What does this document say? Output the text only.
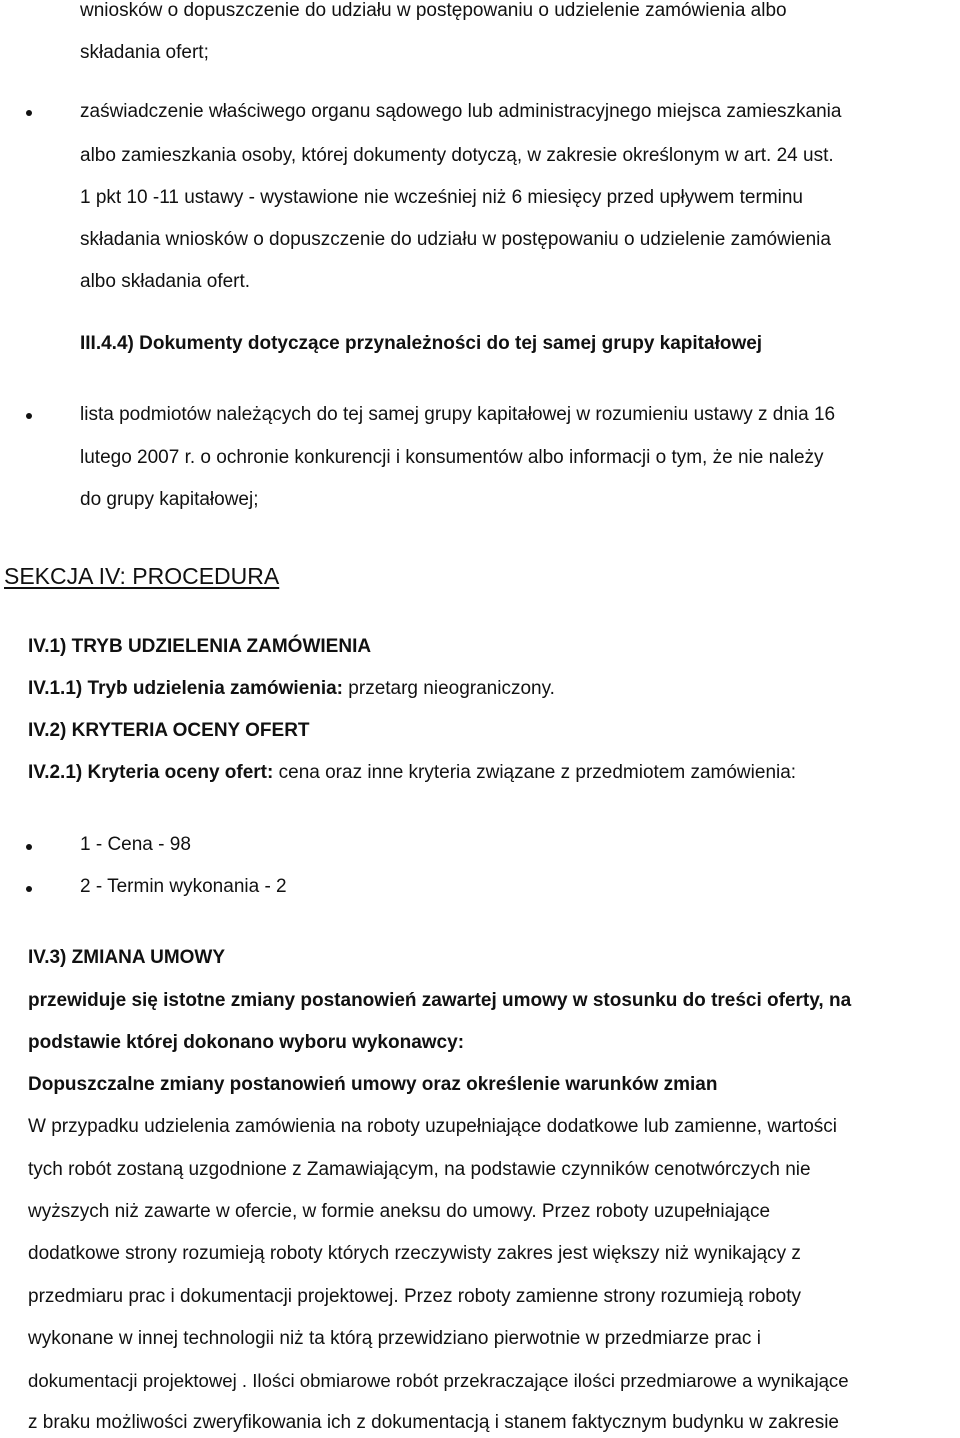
wniosków o dopuszczenie do udziału w postępowaniu o udzielenie zamówienia albo
składania ofert;
zaświadczenie właściwego organu sądowego lub administracyjnego miejsca zamieszkania
albo zamieszkania osoby, której dokumenty dotyczą, w zakresie określonym w art. 24 ust.
1 pkt 10 -11 ustawy - wystawione nie wcześniej niż 6 miesięcy przed upływem terminu
składania wniosków o dopuszczenie do udziału w postępowaniu o udzielenie zamówienia
albo składania ofert.
III.4.4) Dokumenty dotyczące przynależności do tej samej grupy kapitałowej
lista podmiotów należących do tej samej grupy kapitałowej w rozumieniu ustawy z dnia 16
lutego 2007 r. o ochronie konkurencji i konsumentów albo informacji o tym, że nie należy
do grupy kapitałowej;
SEKCJA IV: PROCEDURA
IV.1) TRYB UDZIELENIA ZAMÓWIENIA
IV.1.1) Tryb udzielenia zamówienia: przetarg nieograniczony.
IV.2) KRYTERIA OCENY OFERT
IV.2.1) Kryteria oceny ofert: cena oraz inne kryteria związane z przedmiotem zamówienia:
1 - Cena - 98
2 - Termin wykonania - 2
IV.3) ZMIANA UMOWY
przewiduje się istotne zmiany postanowień zawartej umowy w stosunku do treści oferty, na
podstawie której dokonano wyboru wykonawcy:
Dopuszczalne zmiany postanowień umowy oraz określenie warunków zmian
W przypadku udzielenia zamówienia na roboty uzupełniające dodatkowe lub zamienne, wartości
tych robót zostaną uzgodnione z Zamawiającym, na podstawie czynników cenotwórczych nie
wyższych niż zawarte w ofercie, w formie aneksu do umowy. Przez roboty uzupełniające
dodatkowe strony rozumieją roboty których rzeczywisty zakres jest większy niż wynikający z
przedmiaru prac i dokumentacji projektowej. Przez roboty zamienne strony rozumieją roboty
wykonane w innej technologii niż ta którą przewidziano pierwotnie w przedmiarze prac i
dokumentacji projektowej . Ilości obmiarowe robót przekraczające ilości przedmiarowe a wynikające
z braku możliwości zweryfikowania ich z dokumentacją i stanem faktycznym budynku w zakresie
